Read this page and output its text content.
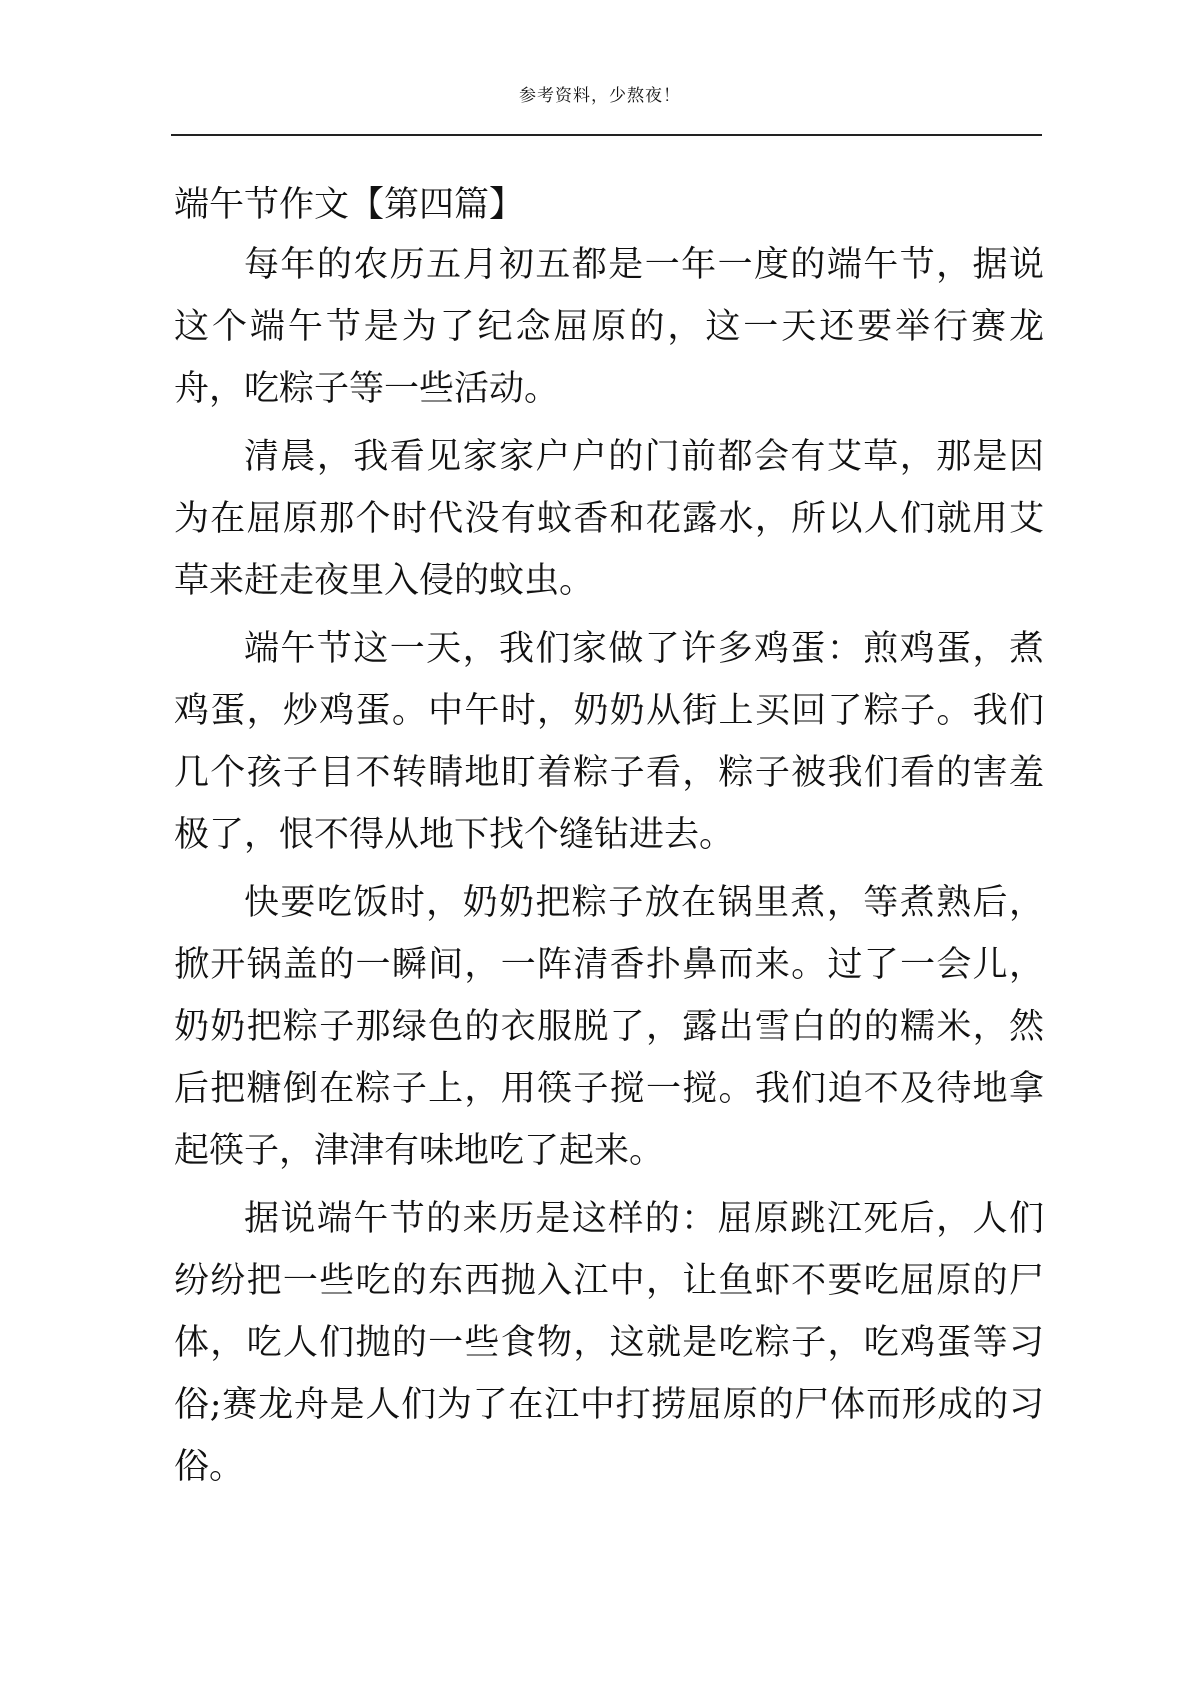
参考资料，少熬夜！
端午节作文【第四篇】

每年的农历五月初五都是一年一度的端午节，据说这个端午节是为了纪念屈原的，这一天还要举行赛龙舟，吃粽子等一些活动。

清晨，我看见家家户户的门前都会有艾草，那是因为在屈原那个时代没有蚊香和花露水，所以人们就用艾草来赶走夜里入侵的蚊虫。

端午节这一天，我们家做了许多鸡蛋：煎鸡蛋，煮鸡蛋，炒鸡蛋。中午时，奶奶从街上买回了粽子。我们几个孩子目不转睛地盯着粽子看，粽子被我们看的害羞极了，恨不得从地下找个缝钻进去。

快要吃饭时，奶奶把粽子放在锅里煮，等煮熟后，掀开锅盖的一瞬间，一阵清香扑鼻而来。过了一会儿，奶奶把粽子那绿色的衣服脱了，露出雪白的的糯米，然后把糖倒在粽子上，用筷子搅一搅。我们迫不及待地拿起筷子，津津有味地吃了起来。

据说端午节的来历是这样的：屈原跳江死后，人们纷纷把一些吃的东西抛入江中，让鱼虾不要吃屈原的尸体，吃人们抛的一些食物，这就是吃粽子，吃鸡蛋等习俗;赛龙舟是人们为了在江中打捞屈原的尸体而形成的习俗。
